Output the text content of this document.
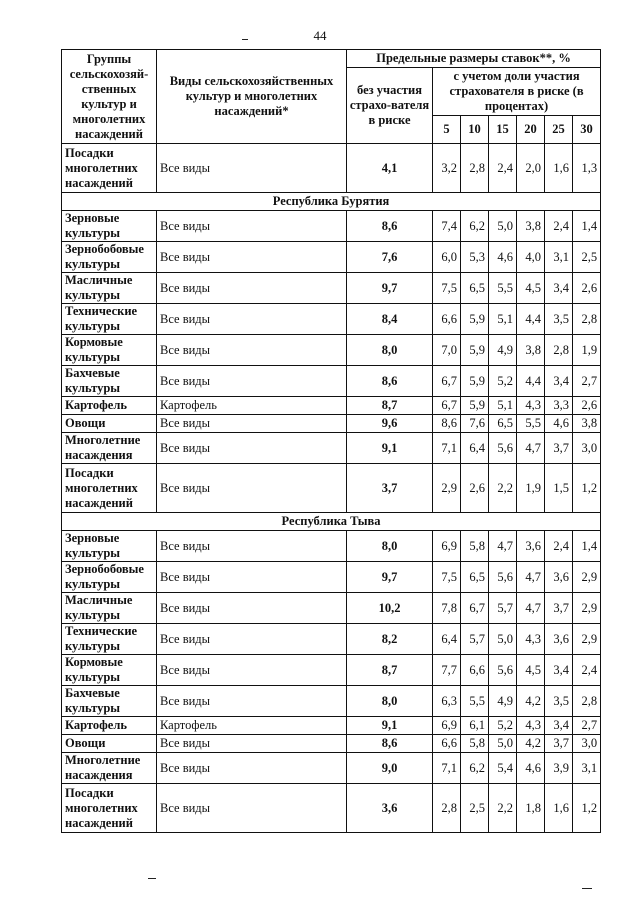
44
Группы сельскохозяй-ственных культур и многолетних насаждений	Виды сельскохозяйственных культур и многолетних насаждений*	Предельные размеры ставок**, %						
		без участия страхо-вателя в риске	с учетом доли участия страхователя в риске (в процентах)					
			5	10	15	20	25	30
Посадки многолетних насаждений	Все виды	4,1	3,2	2,8	2,4	2,0	1,6	1,3
Республика Бурятия								
Зерновые культуры	Все виды	8,6	7,4	6,2	5,0	3,8	2,4	1,4
Зернобобовые культуры	Все виды	7,6	6,0	5,3	4,6	4,0	3,1	2,5
Масличные культуры	Все виды	9,7	7,5	6,5	5,5	4,5	3,4	2,6
Технические культуры	Все виды	8,4	6,6	5,9	5,1	4,4	3,5	2,8
Кормовые культуры	Все виды	8,0	7,0	5,9	4,9	3,8	2,8	1,9
Бахчевые культуры	Все виды	8,6	6,7	5,9	5,2	4,4	3,4	2,7
Картофель	Картофель	8,7	6,7	5,9	5,1	4,3	3,3	2,6
Овощи	Все виды	9,6	8,6	7,6	6,5	5,5	4,6	3,8
Многолетние насаждения	Все виды	9,1	7,1	6,4	5,6	4,7	3,7	3,0
Посадки многолетних насаждений	Все виды	3,7	2,9	2,6	2,2	1,9	1,5	1,2
Республика Тыва								
Зерновые культуры	Все виды	8,0	6,9	5,8	4,7	3,6	2,4	1,4
Зернобобовые культуры	Все виды	9,7	7,5	6,5	5,6	4,7	3,6	2,9
Масличные культуры	Все виды	10,2	7,8	6,7	5,7	4,7	3,7	2,9
Технические культуры	Все виды	8,2	6,4	5,7	5,0	4,3	3,6	2,9
Кормовые культуры	Все виды	8,7	7,7	6,6	5,6	4,5	3,4	2,4
Бахчевые культуры	Все виды	8,0	6,3	5,5	4,9	4,2	3,5	2,8
Картофель	Картофель	9,1	6,9	6,1	5,2	4,3	3,4	2,7
Овощи	Все виды	8,6	6,6	5,8	5,0	4,2	3,7	3,0
Многолетние насаждения	Все виды	9,0	7,1	6,2	5,4	4,6	3,9	3,1
Посадки многолетних насаждений	Все виды	3,6	2,8	2,5	2,2	1,8	1,6	1,2
